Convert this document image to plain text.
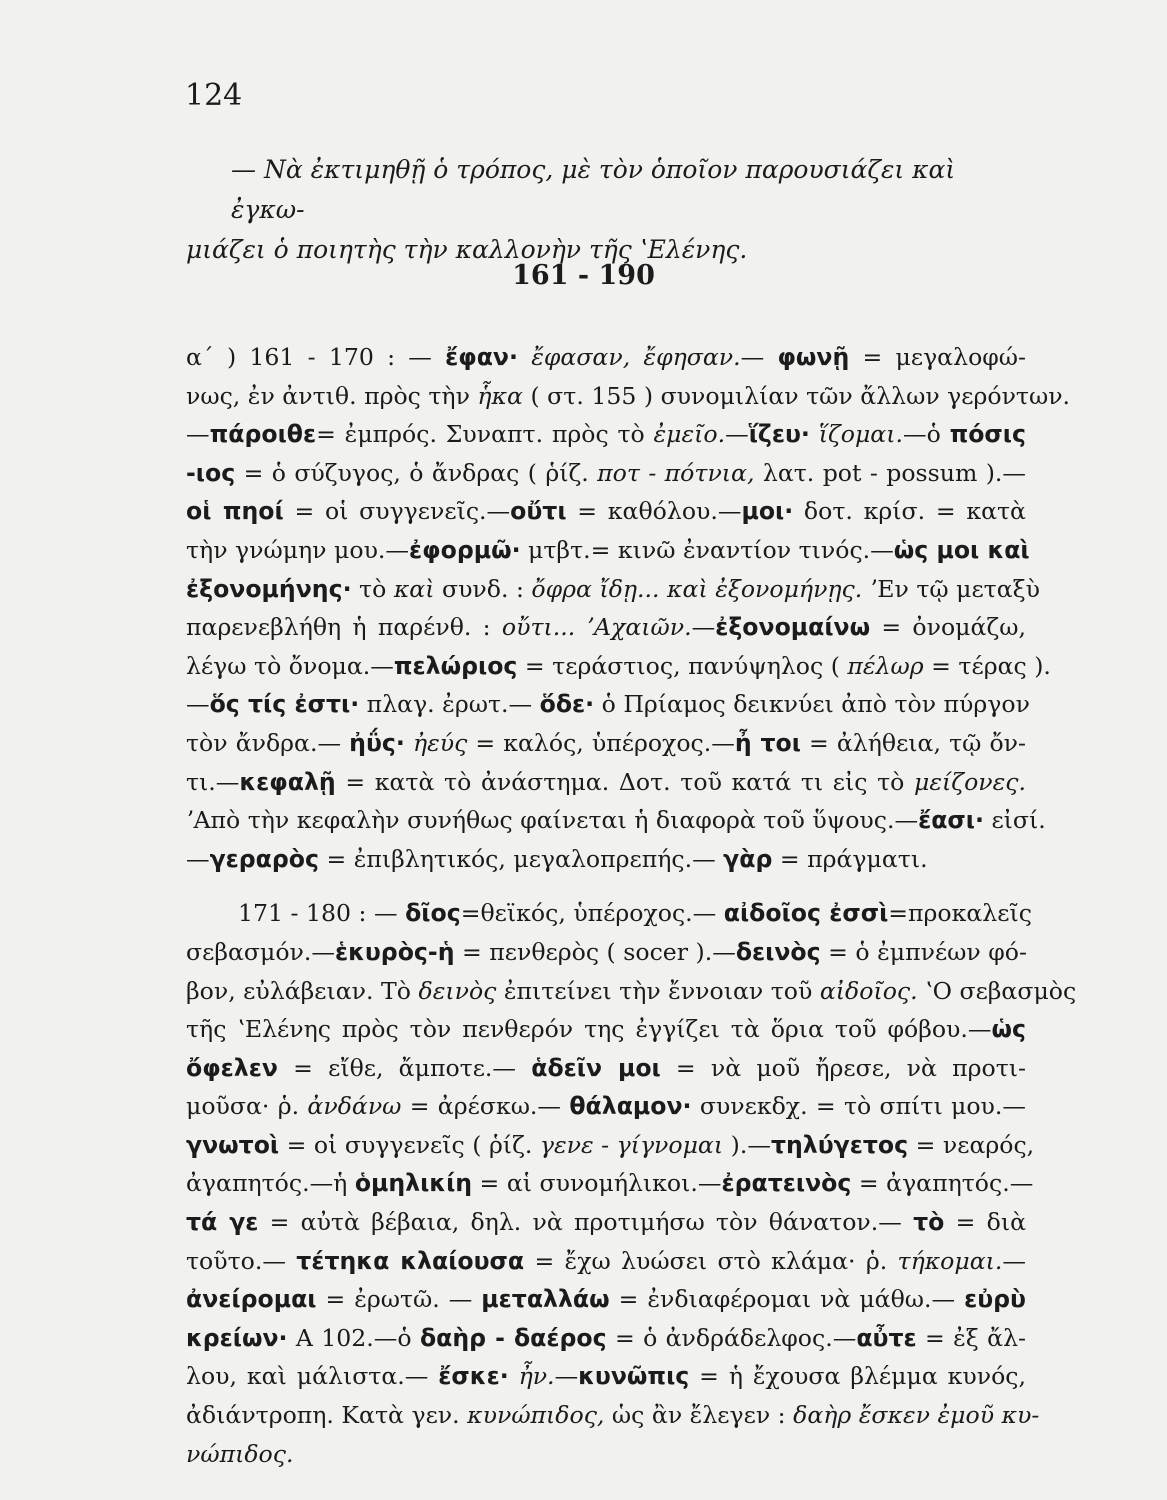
124
— Νὰ ἐκτιμηθῇ ὁ τρόπος, μὲ τὸν ὁποῖον παρουσιάζει καὶ ἐγκω-
μιάζει ὁ ποιητὴς τὴν καλλονὴν τῆς ʽΕλένης.
161 - 190
α΄ ) 161 - 170 : — ἔφαν· ἔφασαν, ἔφησαν.— φωνῇ = μεγαλοφώ-
νως, ἐν ἀντιθ. πρὸς τὴν ἧκα ( στ. 155 ) συνομιλίαν τῶν ἄλλων γερόντων.
—πάροιθε= ἐμπρός. Συναπτ. πρὸς τὸ ἐμεῖο.—ἵζευ· ἵζομαι.—ὁ πόσις
-ιος = ὁ σύζυγος, ὁ ἄνδρας ( ῥίζ. ποτ - πότνια, λατ. pot - possum ).—
οἱ πηοί = οἱ συγγενεῖς.—οὔτι = καθόλου.—μοι· δοτ. κρίσ. = κατὰ
τὴν γνώμην μου.—ἐφορμῶ· μτβτ.= κινῶ ἐναντίον τινός.—ὡς μοι καὶ
ἐξονομήνης· τὸ καὶ συνδ. : ὄφρα ἴδῃ... καὶ ἐξονομήνῃς. ʼΕν τῷ μεταξὺ
παρενεβλήθη ἡ παρένθ. : οὔτι... ʼΑχαιῶν.—ἐξονομαίνω = ὀνομάζω,
λέγω τὸ ὄνομα.—πελώριος = τεράστιος, πανύψηλος ( πέλωρ = τέρας ).
—ὅς τίς ἐστι· πλαγ. ἐρωτ.— ὅδε· ὁ Πρίαμος δεικνύει ἀπὸ τὸν πύργον
τὸν ἄνδρα.— ἠΰς· ἠεύς = καλός, ὑπέροχος.—ἦ τοι = ἀλήθεια, τῷ ὄν-
τι.—κεφαλῇ = κατὰ τὸ ἀνάστημα. Δοτ. τοῦ κατά τι εἰς τὸ μείζονες.
ʼΑπὸ τὴν κεφαλὴν συνήθως φαίνεται ἡ διαφορὰ τοῦ ὕψους.—ἔασι· εἰσί.
—γεραρὸς = ἐπιβλητικός, μεγαλοπρεπής.— γὰρ = πράγματι.
171 - 180 : — δῖος=θεϊκός, ὑπέροχος.— αἰδοῖος ἐσσὶ=προκαλεῖς
σεβασμόν.—ἑκυρὸς-ἡ = πενθερὸς ( socer ).—δεινὸς = ὁ ἐμπνέων φό-
βον, εὐλάβειαν. Τὸ δεινὸς ἐπιτείνει τὴν ἔννοιαν τοῦ αἰδοῖος. ʽΟ σεβασμὸς
τῆς ʽΕλένης πρὸς τὸν πενθερόν της ἐγγίζει τὰ ὅρια τοῦ φόβου.—ὡς
ὄφελεν = εἴθε, ἄμποτε.— ἁδεῖν μοι = νὰ μοῦ ἤρεσε, νὰ προτι-
μοῦσα· ῥ. ἀνδάνω = ἀρέσκω.— θάλαμον· συνεκδχ. = τὸ σπίτι μου.—
γνωτοὶ = οἱ συγγενεῖς ( ῥίζ. γενε - γίγνομαι ).—τηλύγετος = νεαρός,
ἀγαπητός.—ἡ ὁμηλικίη = αἱ συνομήλικοι.—ἐρατεινὸς = ἀγαπητός.—
τά γε = αὐτὰ βέβαια, δηλ. νὰ προτιμήσω τὸν θάνατον.— τὸ = διὰ
τοῦτο.— τέτηκα κλαίουσα = ἔχω λυώσει στὸ κλάμα· ῥ. τήκομαι.—
ἀνείρομαι = ἐρωτῶ. — μεταλλάω = ἐνδιαφέρομαι νὰ μάθω.— εὐρὺ
κρείων· Α 102.—ὁ δαὴρ - δαέρος = ὁ ἀνδράδελφος.—αὖτε = ἐξ ἄλ-
λου, καὶ μάλιστα.— ἔσκε· ἦν.—κυνῶπις = ἡ ἔχουσα βλέμμα κυνός,
ἀδιάντροπη. Κατὰ γεν. κυνώπιδος, ὡς ἂν ἔλεγεν : δαὴρ ἔσκεν ἐμοῦ κυ-
νώπιδος.
